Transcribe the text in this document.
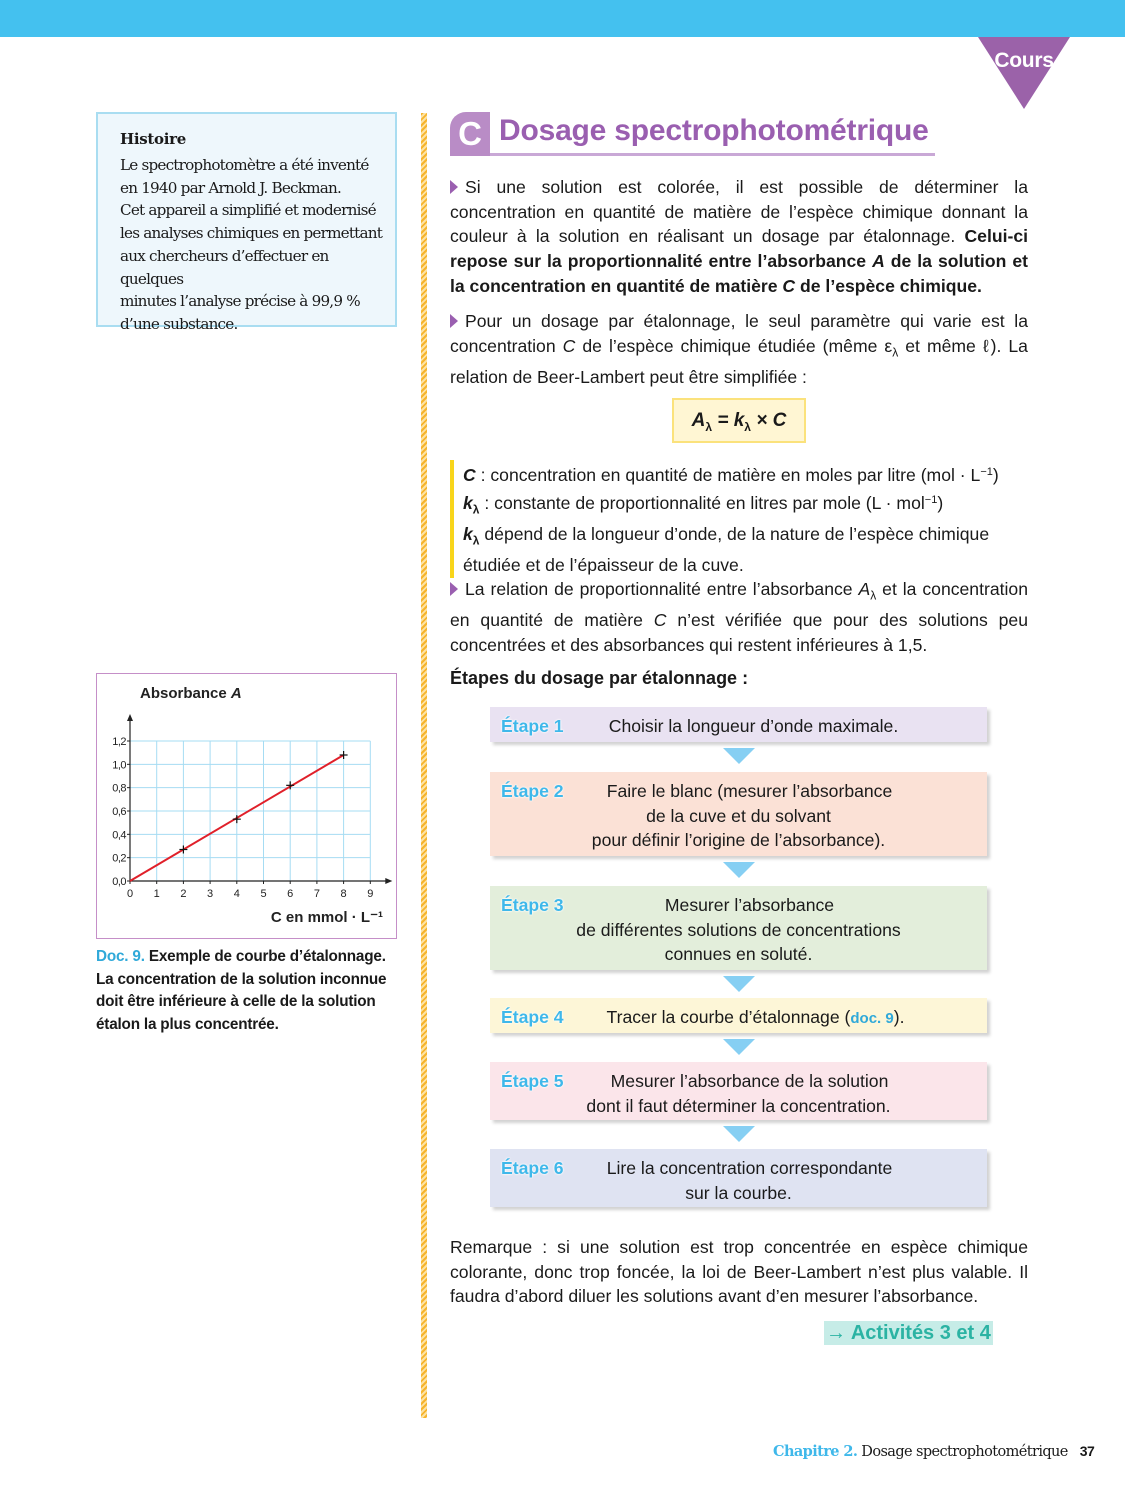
Cours
Histoire
Le spectrophotomètre a été inventé
en 1940 par Arnold J. Beckman.
Cet appareil a simplifié et modernisé
les analyses chimiques en permettant
aux chercheurs d’effectuer en quelques
minutes l’analyse précise à 99,9 %
d’une substance.
0 1 2 3 4 5 6 7 8 9
0,0
0,2
0,4
0,6
0,8
1,0
1,2
Absorbance A
C en mmol · L⁻¹
Doc. 9. Exemple de courbe d’étalonnage. La concentration de la solution inconnue doit être inférieure à celle de la solution étalon la plus concentrée.
C Dosage spectrophotométrique
Si une solution est colorée, il est possible de déterminer la concentration en quantité de matière de l’espèce chimique donnant la couleur à la solution en réalisant un dosage par étalonnage. Celui-ci repose sur la proportionnalité entre l’absorbance A de la solution et la concentration en quantité de matière C de l’espèce chimique.
Pour un dosage par étalonnage, le seul paramètre qui varie est la concentration C de l’espèce chimique étudiée (même $\varepsilon_\lambda$ et même ℓ). La relation de Beer-Lambert peut être simplifiée :
$A_\lambda = k_\lambda \times C$
C : concentration en quantité de matière en moles par litre $(mol \cdot L^{-1})$
$k_\lambda$ : constante de proportionnalité en litres par mole (L · mol$^{-1}$)
$k_\lambda$ dépend de la longueur d’onde, de la nature de l’espèce chimique étudiée et de l’épaisseur de la cuve.
La relation de proportionnalité entre l’absorbance $A_\lambda$ et la concentration en quantité de matière C n’est vérifiée que pour des solutions peu concentrées et des absorbances qui restent inférieures à 1,5.
Étapes du dosage par étalonnage :
Étape 1	Choisir la longueur d’onde maximale.
Étape 2	Faire le blanc (mesurer l’absorbance
de la cuve et du solvant
pour définir l’origine de l’absorbance).
Étape 3	Mesurer l’absorbance
de différentes solutions de concentrations
connues en soluté.
Étape 4	Tracer la courbe d’étalonnage (doc. 9).
Étape 5	Mesurer l’absorbance de la solution
dont il faut déterminer la concentration.
Étape 6	Lire la concentration correspondante
sur la courbe.
Remarque : si une solution est trop concentrée en espèce chimique colorante, donc trop foncée, la loi de Beer-Lambert n’est plus valable. Il faudra d’abord diluer les solutions avant d’en mesurer l’absorbance.
→ Activités 3 et 4
Chapitre 2. Dosage spectrophotométrique 37
